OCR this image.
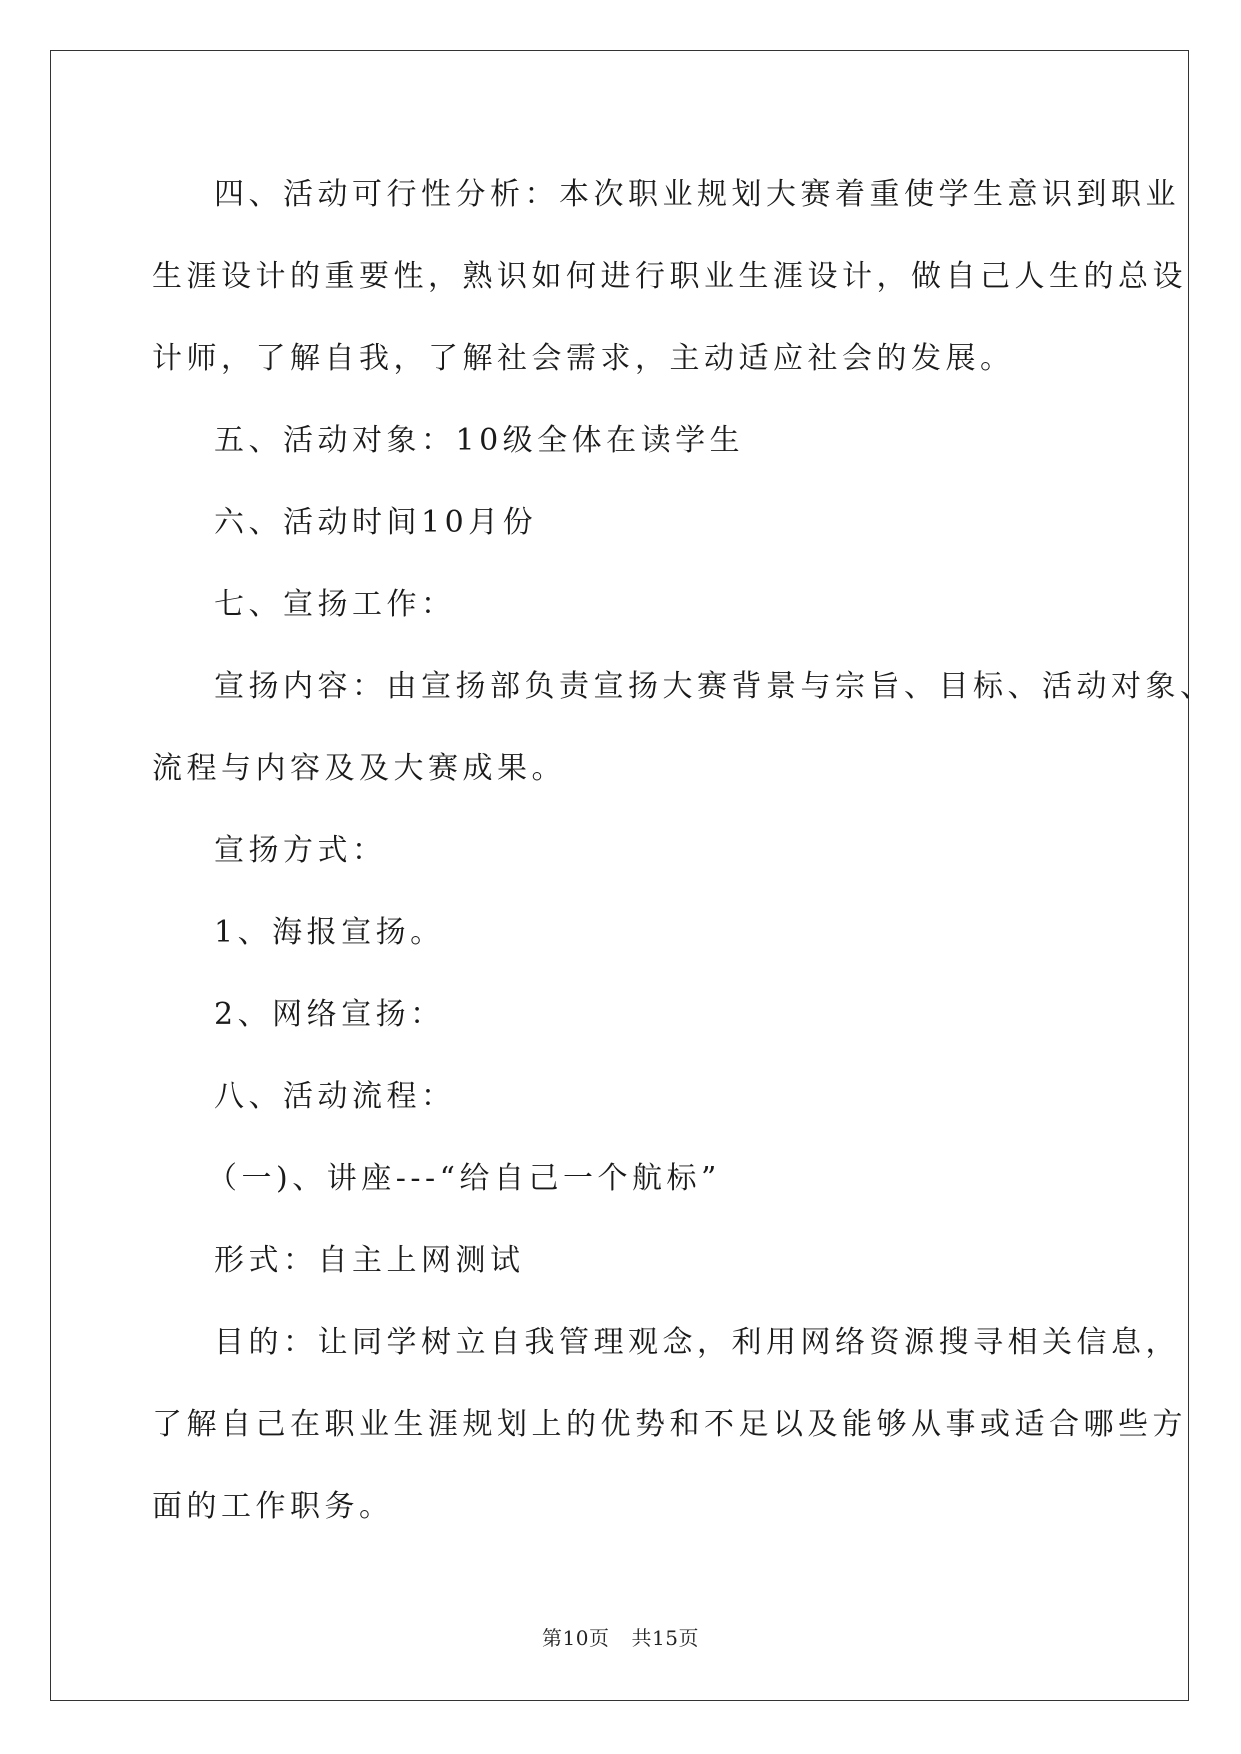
四、活动可行性分析：本次职业规划大赛着重使学生意识到职业

生涯设计的重要性，熟识如何进行职业生涯设计，做自己人生的总设

计师，了解自我，了解社会需求，主动适应社会的发展。

五、活动对象：10级全体在读学生

六、活动时间10月份

七、宣扬工作：

宣扬内容：由宣扬部负责宣扬大赛背景与宗旨、目标、活动对象、

流程与内容及及大赛成果。

宣扬方式：

1、海报宣扬。

2、网络宣扬：

八、活动流程：

（一)、讲座---“给自己一个航标”

形式：自主上网测试

目的：让同学树立自我管理观念，利用网络资源搜寻相关信息，

了解自己在职业生涯规划上的优势和不足以及能够从事或适合哪些方

面的工作职务。

第10页 共15页
